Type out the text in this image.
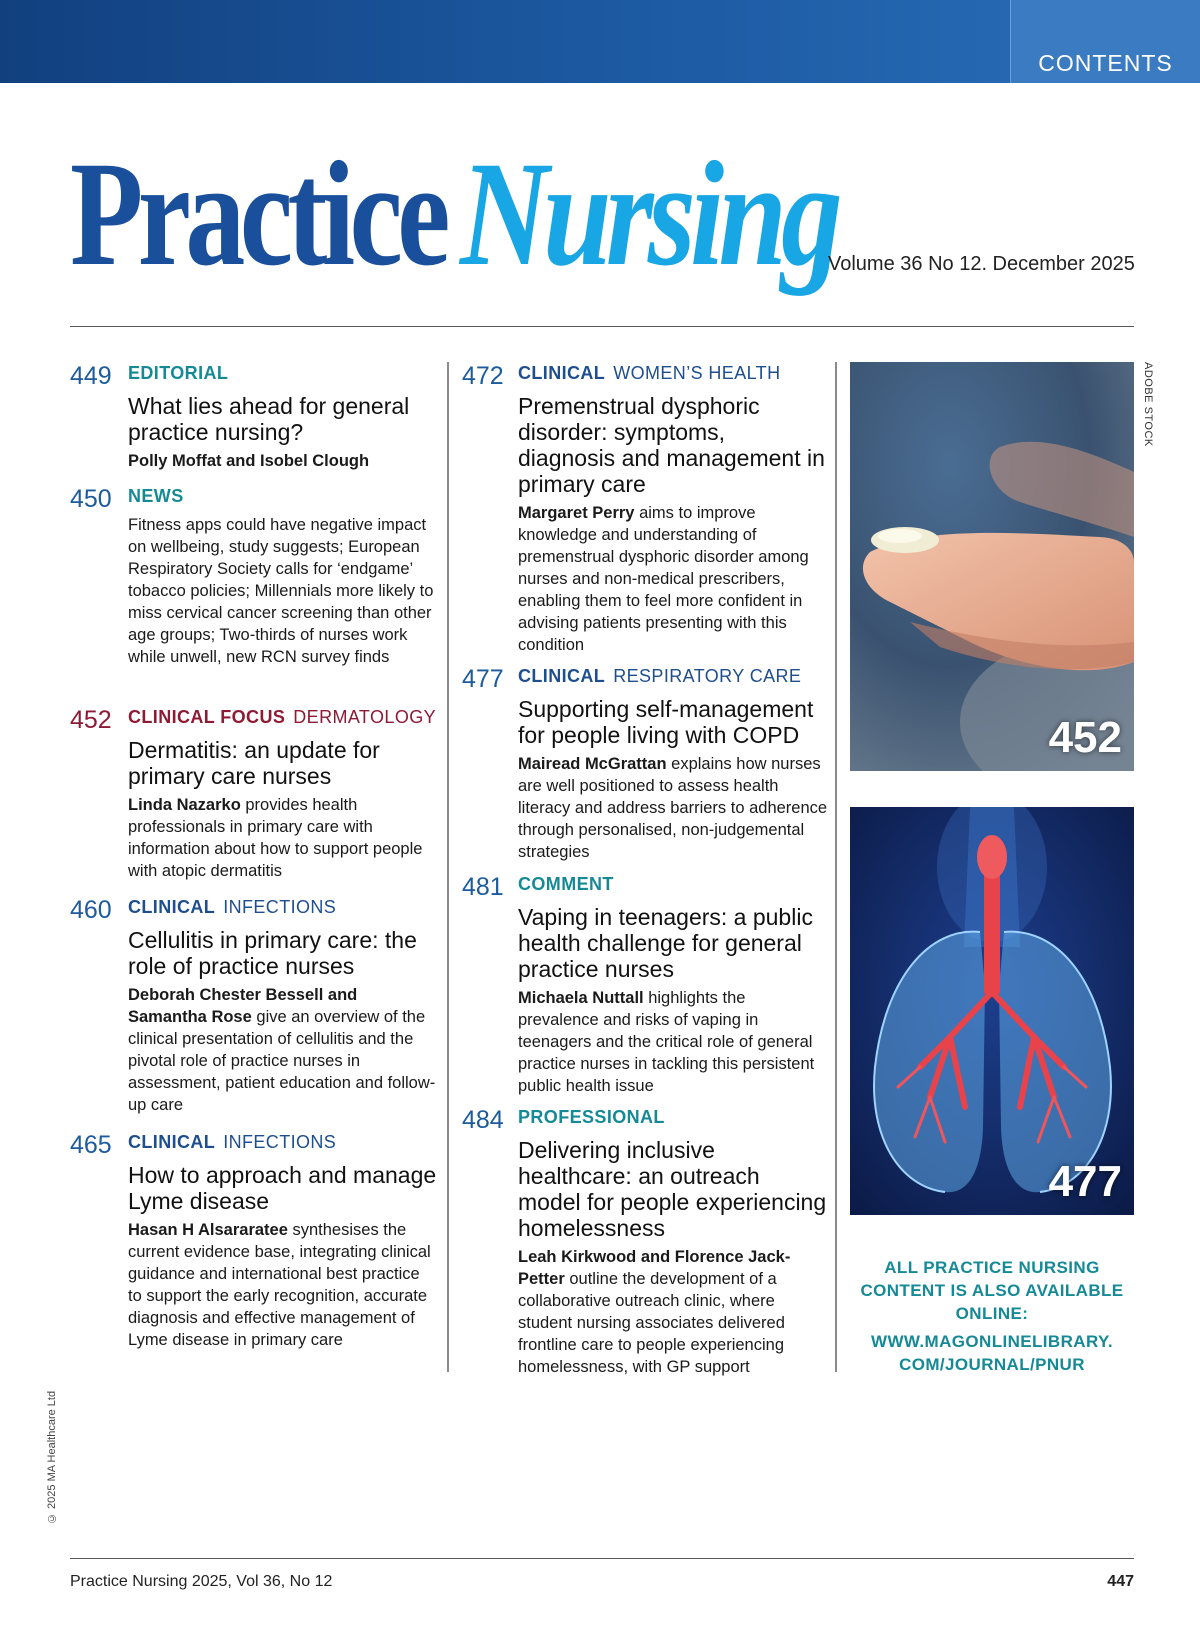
CONTENTS
Practice Nursing
Volume 36 No 12. December 2025
449 EDITORIAL
What lies ahead for general practice nursing?
Polly Moffat and Isobel Clough
450 NEWS
Fitness apps could have negative impact on wellbeing, study suggests; European Respiratory Society calls for ‘endgame’ tobacco policies; Millennials more likely to miss cervical cancer screening than other age groups; Two-thirds of nurses work while unwell, new RCN survey finds
452 CLINICAL FOCUS DERMATOLOGY
Dermatitis: an update for primary care nurses
Linda Nazarko provides health professionals in primary care with information about how to support people with atopic dermatitis
460 CLINICAL INFECTIONS
Cellulitis in primary care: the role of practice nurses
Deborah Chester Bessell and Samantha Rose give an overview of the clinical presentation of cellulitis and the pivotal role of practice nurses in assessment, patient education and follow-up care
465 CLINICAL INFECTIONS
How to approach and manage Lyme disease
Hasan H Alsararatee synthesises the current evidence base, integrating clinical guidance and international best practice to support the early recognition, accurate diagnosis and effective management of Lyme disease in primary care
472 CLINICAL WOMEN’S HEALTH
Premenstrual dysphoric disorder: symptoms, diagnosis and management in primary care
Margaret Perry aims to improve knowledge and understanding of premenstrual dysphoric disorder among nurses and non-medical prescribers, enabling them to feel more confident in advising patients presenting with this condition
477 CLINICAL RESPIRATORY CARE
Supporting self-management for people living with COPD
Mairead McGrattan explains how nurses are well positioned to assess health literacy and address barriers to adherence through personalised, non-judgemental strategies
481 COMMENT
Vaping in teenagers: a public health challenge for general practice nurses
Michaela Nuttall highlights the prevalence and risks of vaping in teenagers and the critical role of general practice nurses in tackling this persistent public health issue
484 PROFESSIONAL
Delivering inclusive healthcare: an outreach model for people experiencing homelessness
Leah Kirkwood and Florence Jack-Petter outline the development of a collaborative outreach clinic, where student nursing associates delivered frontline care to people experiencing homelessness, with GP support
452
477
ADOBE STOCK
ALL PRACTICE NURSING
CONTENT IS ALSO AVAILABLE
ONLINE:
WWW.MAGONLINELIBRARY.
COM/JOURNAL/PNUR
© 2025 MA Healthcare Ltd
Practice Nursing 2025, Vol 36, No 12	447
